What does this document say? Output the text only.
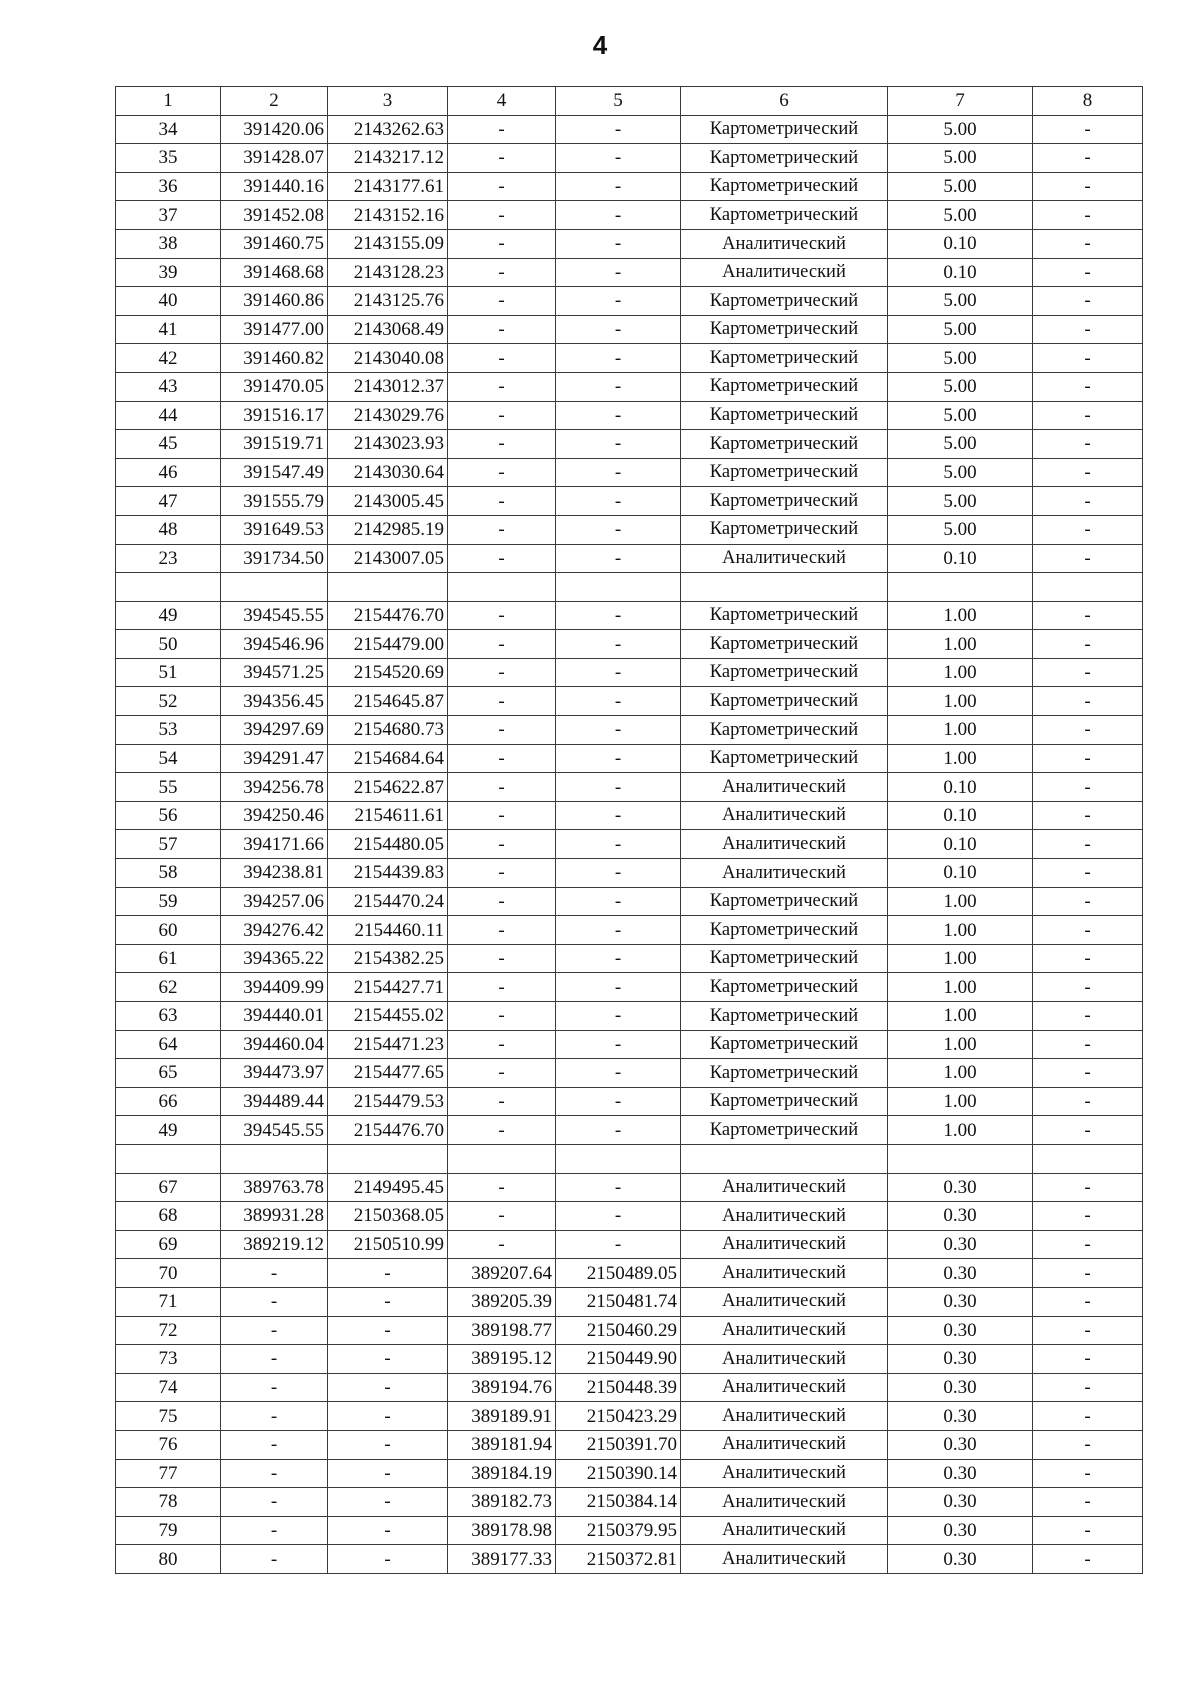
4
1	2	3	4	5	6	7	8
34	391420.06	2143262.63	-	-	Картометрический	5.00	-
35	391428.07	2143217.12	-	-	Картометрический	5.00	-
36	391440.16	2143177.61	-	-	Картометрический	5.00	-
37	391452.08	2143152.16	-	-	Картометрический	5.00	-
38	391460.75	2143155.09	-	-	Аналитический	0.10	-
39	391468.68	2143128.23	-	-	Аналитический	0.10	-
40	391460.86	2143125.76	-	-	Картометрический	5.00	-
41	391477.00	2143068.49	-	-	Картометрический	5.00	-
42	391460.82	2143040.08	-	-	Картометрический	5.00	-
43	391470.05	2143012.37	-	-	Картометрический	5.00	-
44	391516.17	2143029.76	-	-	Картометрический	5.00	-
45	391519.71	2143023.93	-	-	Картометрический	5.00	-
46	391547.49	2143030.64	-	-	Картометрический	5.00	-
47	391555.79	2143005.45	-	-	Картометрический	5.00	-
48	391649.53	2142985.19	-	-	Картометрический	5.00	-
23	391734.50	2143007.05	-	-	Аналитический	0.10	-

49	394545.55	2154476.70	-	-	Картометрический	1.00	-
50	394546.96	2154479.00	-	-	Картометрический	1.00	-
51	394571.25	2154520.69	-	-	Картометрический	1.00	-
52	394356.45	2154645.87	-	-	Картометрический	1.00	-
53	394297.69	2154680.73	-	-	Картометрический	1.00	-
54	394291.47	2154684.64	-	-	Картометрический	1.00	-
55	394256.78	2154622.87	-	-	Аналитический	0.10	-
56	394250.46	2154611.61	-	-	Аналитический	0.10	-
57	394171.66	2154480.05	-	-	Аналитический	0.10	-
58	394238.81	2154439.83	-	-	Аналитический	0.10	-
59	394257.06	2154470.24	-	-	Картометрический	1.00	-
60	394276.42	2154460.11	-	-	Картометрический	1.00	-
61	394365.22	2154382.25	-	-	Картометрический	1.00	-
62	394409.99	2154427.71	-	-	Картометрический	1.00	-
63	394440.01	2154455.02	-	-	Картометрический	1.00	-
64	394460.04	2154471.23	-	-	Картометрический	1.00	-
65	394473.97	2154477.65	-	-	Картометрический	1.00	-
66	394489.44	2154479.53	-	-	Картометрический	1.00	-
49	394545.55	2154476.70	-	-	Картометрический	1.00	-

67	389763.78	2149495.45	-	-	Аналитический	0.30	-
68	389931.28	2150368.05	-	-	Аналитический	0.30	-
69	389219.12	2150510.99	-	-	Аналитический	0.30	-
70	-	-	389207.64	2150489.05	Аналитический	0.30	-
71	-	-	389205.39	2150481.74	Аналитический	0.30	-
72	-	-	389198.77	2150460.29	Аналитический	0.30	-
73	-	-	389195.12	2150449.90	Аналитический	0.30	-
74	-	-	389194.76	2150448.39	Аналитический	0.30	-
75	-	-	389189.91	2150423.29	Аналитический	0.30	-
76	-	-	389181.94	2150391.70	Аналитический	0.30	-
77	-	-	389184.19	2150390.14	Аналитический	0.30	-
78	-	-	389182.73	2150384.14	Аналитический	0.30	-
79	-	-	389178.98	2150379.95	Аналитический	0.30	-
80	-	-	389177.33	2150372.81	Аналитический	0.30	-
